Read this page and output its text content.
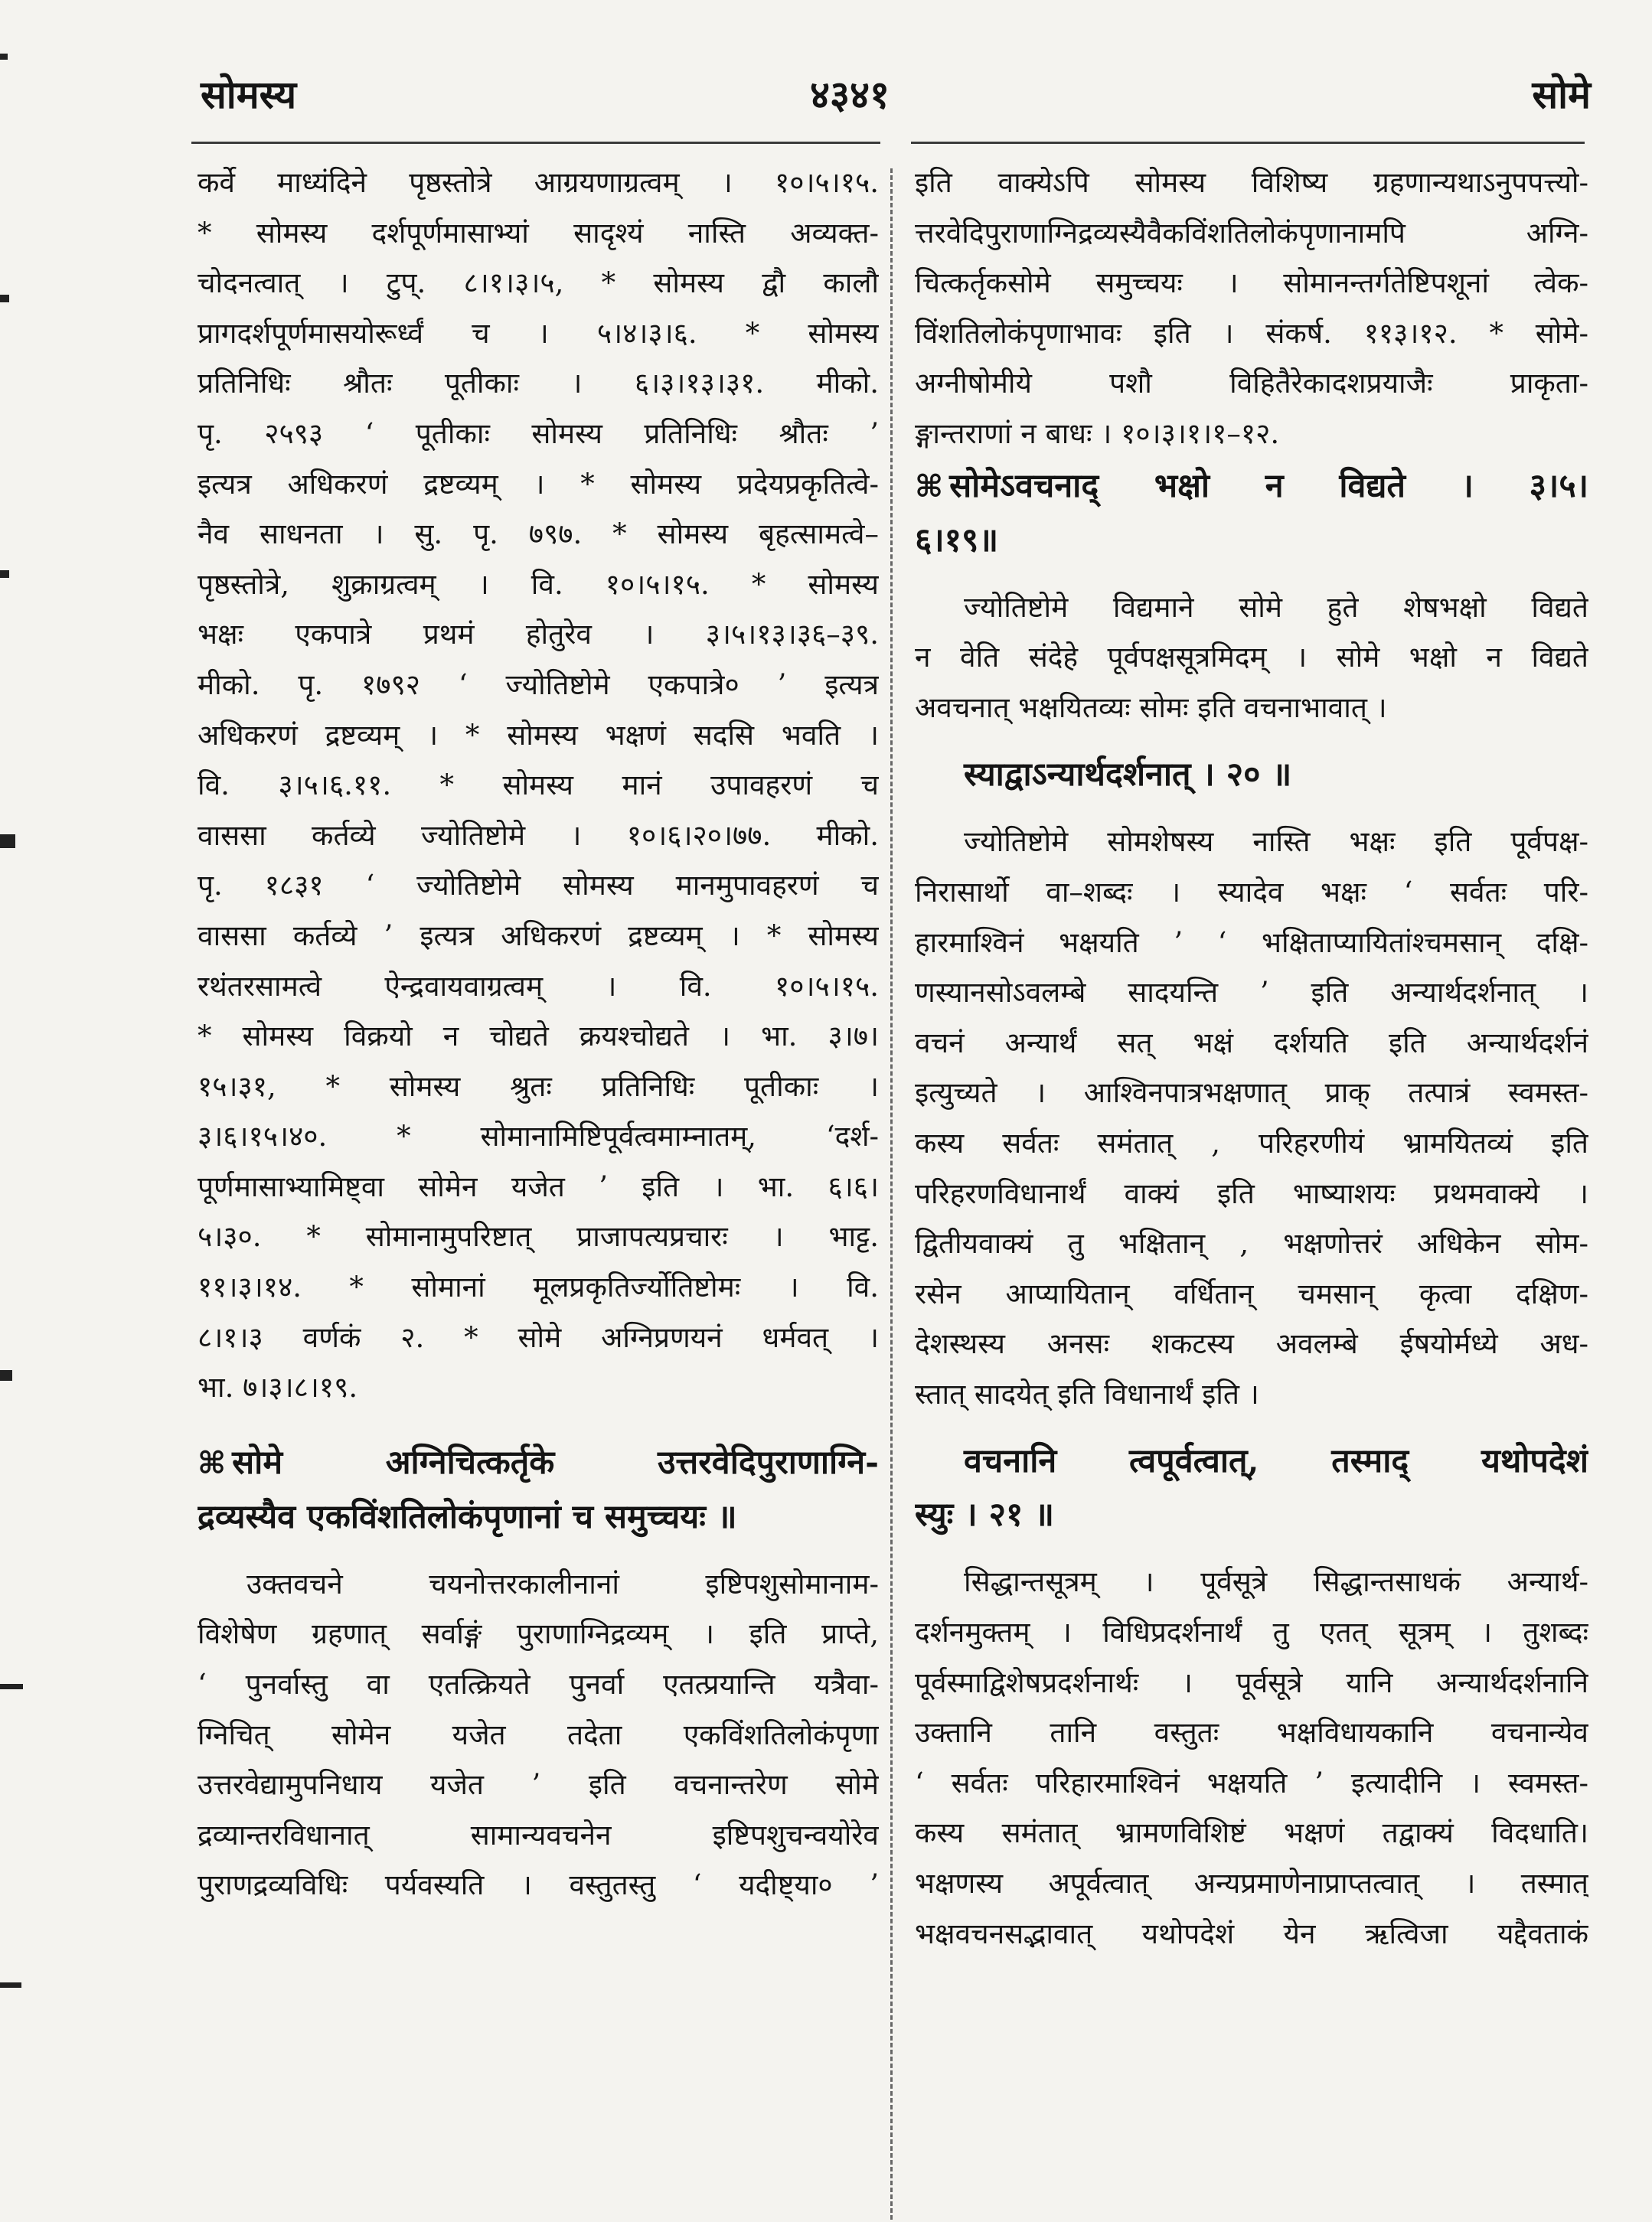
सोमस्य	४३४१	सोमे

कर्वे माध्यंदिने पृष्ठस्तोत्रे आग्रयणाग्रत्वम् । १०।५।१५.

* सोमस्य दर्शपूर्णमासाभ्यां सादृश्यं नास्ति अव्यक्त-

चोदनत्वात् । टुप्. ८।१।३।५, * सोमस्य द्वौ कालौ

प्रागदर्शपूर्णमासयोरूर्ध्वं च । ५।४।३।६. * सोमस्य

प्रतिनिधिः श्रौतः पूतीकाः । ६।३।१३।३१. मीको.

पृ. २५९३ ‘ पूतीकाः सोमस्य प्रतिनिधिः श्रौतः ’

इत्यत्र अधिकरणं द्रष्टव्यम् । * सोमस्य प्रदेयप्रकृतित्वे-

नैव साधनता । सु. पृ. ७९७. * सोमस्य बृहत्सामत्वे–

पृष्ठस्तोत्रे, शुक्राग्रत्वम् । वि. १०।५।१५. * सोमस्य

भक्षः एकपात्रे प्रथमं होतुरेव । ३।५।१३।३६–३९.

मीको. पृ. १७९२ ‘ ज्योतिष्टोमे एकपात्रे० ’ इत्यत्र

अधिकरणं द्रष्टव्यम् । * सोमस्य भक्षणं सदसि भवति ।

वि. ३।५।६.११. * सोमस्य मानं उपावहरणं च

वाससा कर्तव्ये ज्योतिष्टोमे । १०।६।२०।७७. मीको.

पृ. १८३१ ‘ ज्योतिष्टोमे सोमस्य मानमुपावहरणं च

वाससा कर्तव्ये ’ इत्यत्र अधिकरणं द्रष्टव्यम् । * सोमस्य

रथंतरसामत्वे ऐन्द्रवायवाग्रत्वम् । वि. १०।५।१५.

* सोमस्य विक्रयो न चोद्यते क्रयश्चोद्यते । भा. ३।७।

१५।३१, * सोमस्य श्रुतः प्रतिनिधिः पूतीकाः ।

३।६।१५।४०. * सोमानामिष्टिपूर्वत्वमाम्नातम्, ‘दर्श-

पूर्णमासाभ्यामिष्ट्वा सोमेन यजेत ’ इति । भा. ६।६।

५।३०. * सोमानामुपरिष्टात् प्राजापत्यप्रचारः । भाट्ट.

११।३।१४. * सोमानां मूलप्रकृतिर्ज्योतिष्टोमः । वि.

८।१।३ वर्णकं २. * सोमे अग्निप्रणयनं धर्मवत् ।

भा. ७।३।८।१९.

⌘ सोमे अग्निचित्कर्तृके उत्तरवेदिपुराणाग्नि-
द्रव्यस्यैव एकविंशतिलोकंपृणानां च समुच्चयः ॥

उक्तवचने चयनोत्तरकालीनानां इष्टिपशुसोमानाम-

विशेषेण ग्रहणात् सर्वाङ्गं पुराणाग्निद्रव्यम् । इति प्राप्ते,

‘ पुनर्वास्तु वा एतत्क्रियते पुनर्वा एतत्प्रयान्ति यत्रैवा-

ग्निचित् सोमेन यजेत तदेता एकविंशतिलोकंपृणा

उत्तरवेद्यामुपनिधाय यजेत ’ इति वचनान्तरेण सोमे

द्रव्यान्तरविधानात् सामान्यवचनेन इष्टिपशुचन्वयोरेव

पुराणद्रव्यविधिः पर्यवस्यति । वस्तुतस्तु ‘ यदीष्ट्या० ’

इति वाक्येऽपि सोमस्य विशिष्य ग्रहणान्यथाऽनुपपत्त्यो-

त्तरवेदिपुराणाग्निद्रव्यस्यैवैकविंशतिलोकंपृणानामपि अग्नि-

चित्कर्तृकसोमे समुच्चयः । सोमानन्तर्गतेष्टिपशूनां त्वेक-

विंशतिलोकंपृणाभावः इति । संकर्ष. ११३।१२. * सोमे-

अग्नीषोमीये पशौ विहितैरेकादशप्रयाजैः प्राकृता-

ङ्गान्तराणां न बाधः । १०।३।१।१–१२.

⌘ सोमेऽवचनाद् भक्षो न विद्यते । ३।५।
६।१९॥

ज्योतिष्टोमे विद्यमाने सोमे हुते शेषभक्षो विद्यते

न वेति संदेहे पूर्वपक्षसूत्रमिदम् । सोमे भक्षो न विद्यते

अवचनात् भक्षयितव्यः सोमः इति वचनाभावात् ।

स्याद्वाऽन्यार्थदर्शनात् । २० ॥

ज्योतिष्टोमे सोमशेषस्य नास्ति भक्षः इति पूर्वपक्ष-

निरासार्थो वा–शब्दः । स्यादेव भक्षः ‘ सर्वतः परि-

हारमाश्विनं भक्षयति ’ ‘ भक्षिताप्यायितांश्चमसान् दक्षि-

णस्यानसोऽवलम्बे सादयन्ति ’ इति अन्यार्थदर्शनात् ।

वचनं अन्यार्थं सत् भक्षं दर्शयति इति अन्यार्थदर्शनं

इत्युच्यते । आश्विनपात्रभक्षणात् प्राक् तत्पात्रं स्वमस्त-

कस्य सर्वतः समंतात् , परिहरणीयं भ्रामयितव्यं इति

परिहरणविधानार्थं वाक्यं इति भाष्याशयः प्रथमवाक्ये ।

द्वितीयवाक्यं तु भक्षितान् , भक्षणोत्तरं अधिकेन सोम-

रसेन आप्यायितान् वर्धितान् चमसान् कृत्वा दक्षिण-

देशस्थस्य अनसः शकटस्य अवलम्बे ईषयोर्मध्ये अध-

स्तात् सादयेत् इति विधानार्थं इति ।

वचनानि त्वपूर्वत्वात्, तस्माद् यथोपदेशं
स्युः । २१ ॥

सिद्धान्तसूत्रम् । पूर्वसूत्रे सिद्धान्तसाधकं अन्यार्थ-

दर्शनमुक्तम् । विधिप्रदर्शनार्थं तु एतत् सूत्रम् । तुशब्दः

पूर्वस्माद्विशेषप्रदर्शनार्थः । पूर्वसूत्रे यानि अन्यार्थदर्शनानि

उक्तानि तानि वस्तुतः भक्षविधायकानि वचनान्येव

‘ सर्वतः परिहारमाश्विनं भक्षयति ’ इत्यादीनि । स्वमस्त-

कस्य समंतात् भ्रामणविशिष्टं भक्षणं तद्वाक्यं विदधाति।

भक्षणस्य अपूर्वत्वात् अन्यप्रमाणेनाप्राप्तत्वात् । तस्मात्

भक्षवचनसद्भावात् यथोपदेशं येन ऋत्विजा यद्दैवताकं
